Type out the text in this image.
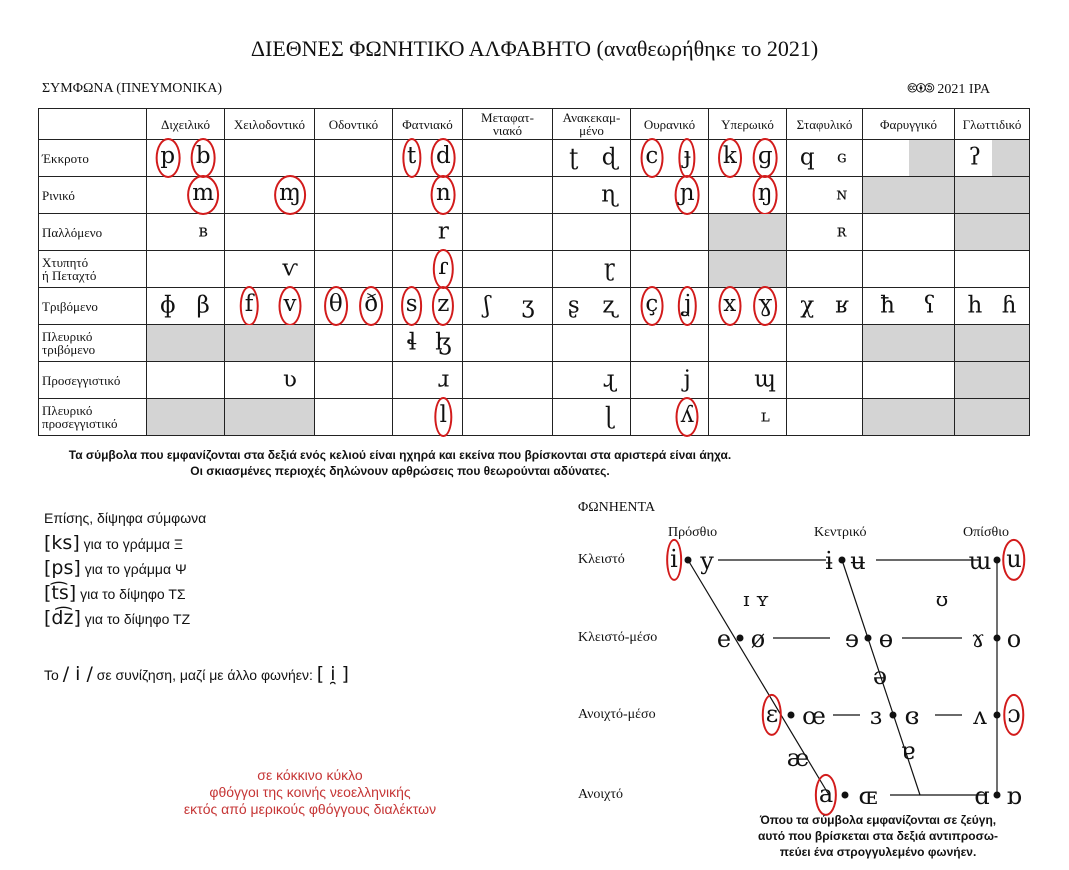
ΔΙΕΘΝΕΣ ΦΩΝΗΤΙΚΟ ΑΛΦΑΒΗΤΟ (αναθεωρήθηκε το 2021)
ΣΥΜΦΩΝΑ (ΠΝΕΥΜΟΝΙΚΑ)	🅭🅯🄎 2021 IPA
	Διχειλικό	Χειλοδοντικό	Οδοντικό	Φατνιακό	Μεταφατ-
νιακό	Ανακεκαμ-
μένο	Ουρανικό	Υπερωικό	Σταφυλικό	Φαρυγγικό	Γλωττιδικό
Έκκροτο	p b			t d		ʈ ɖ	c ɟ	k ɡ	q ɢ		ʔ

Ρινικό	m	ɱ		n		ɳ	ɲ	ŋ	ɴ		

Παλλόμενο	ʙ			r					ʀ		

Χτυπητό
ή Πεταχτό		ⱱ		ɾ		ɽ					

Τριβόμενο	ɸ β	f v	θ ð	s z	ʃ ʒ	ʂ ʐ	ç ʝ	x ɣ	χ ʁ	ħ ʕ	h ɦ

Πλευρικό
τριβόμενο				ɬ ɮ							

Προσεγγιστικό		ʋ		ɹ		ɻ	j	ɰ			

Πλευρικό
προσεγγιστικό				l		ɭ	ʎ	ʟ			

Τα σύμβολα που εμφανίζονται στα δεξιά ενός κελιού είναι ηχηρά και εκείνα που βρίσκονται στα αριστερά είναι άηχα.
Οι σκιασμένες περιοχές δηλώνουν αρθρώσεις που θεωρούνται αδύνατες.
Επίσης, δίψηφα σύμφωνα
[ks] για το γράμμα Ξ
[ps] για το γράμμα Ψ
[t͡s] για το δίψηφο ΤΣ
[d͡z] για το δίψηφο ΤΖ
Το / i / σε συνίζηση, μαζί με άλλο φωνήεν: [ i̯ ]
σε κόκκινο κύκλο
φθόγγοι της κοινής νεοελληνικής
εκτός από μερικούς φθόγγους διαλέκτων
ΦΩΝΗΕΝΤΑ
Πρόσθιο	Κεντρικό	Οπίσθιο
Κλειστό
Κλειστό-μέσο
Ανοιχτό-μέσο
Ανοιχτό
i y	ɨ ʉ	ɯ u
ɪ ʏ	ʊ
e ø	ɘ ɵ	ɤ o
ə
ɛ œ ɜ ɞ ʌ ɔ
æ	ɐ
a ɶ	ɑ ɒ
Όπου τα σύμβολα εμφανίζονται σε ζεύγη,
αυτό που βρίσκεται στα δεξιά αντιπροσω-
πεύει ένα στρογγυλεμένο φωνήεν.
